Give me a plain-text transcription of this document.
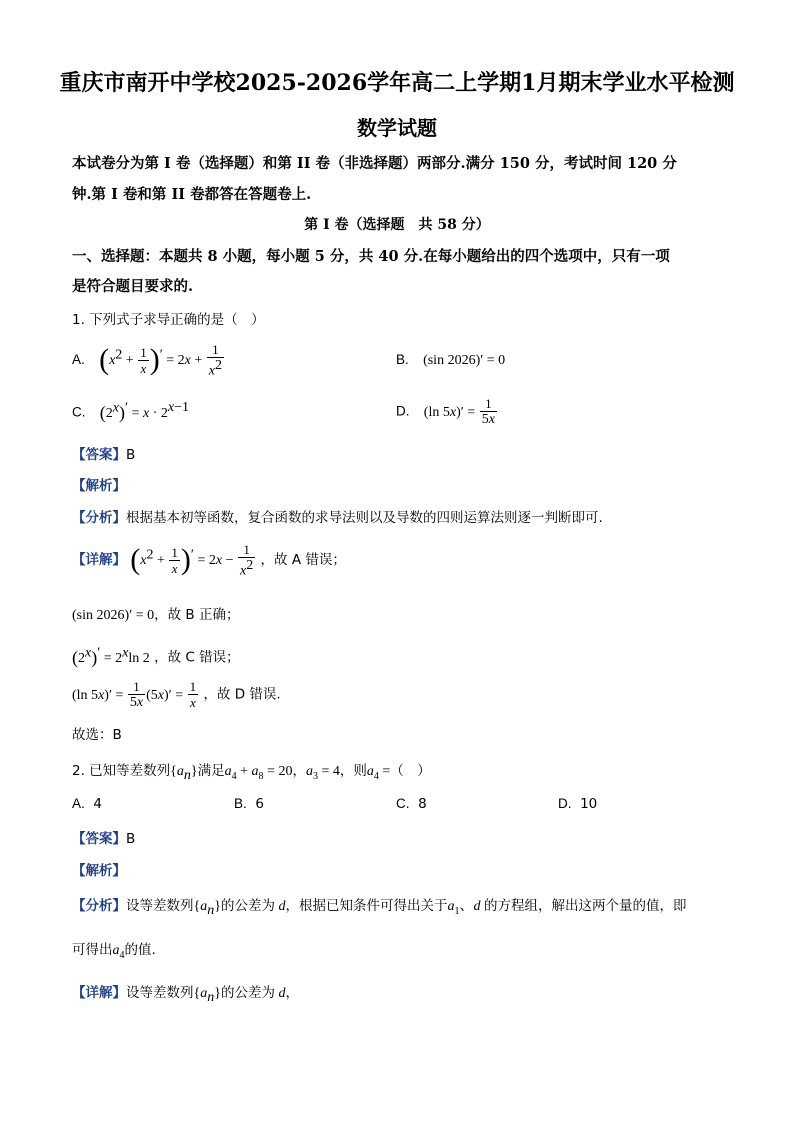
重庆市南开中学校2025-2026学年高二上学期1月期末学业水平检测
数学试题
本试卷分为第 I 卷（选择题）和第 II 卷（非选择题）两部分.满分 150 分，考试时间 120 分
钟.第 I 卷和第 II 卷都答在答题卷上.
第 I 卷（选择题　共 58 分）
一、选择题：本题共 8 小题，每小题 5 分，共 40 分.在每小题给出的四个选项中，只有一项
是符合题目要求的.
1. 下列式子求导正确的是（　）
A. $(x^2 + \frac{1}{x} )' = 2x + \frac{1}{x^2}$	B. (sin 2026)′ = 0
C. $(2^x)' = x \cdot 2^{x-1}$	D. (ln $5x)' = \frac{1}{5x}$
【答案】B
【解析】
【分析】根据基本初等函数，复合函数的求导法则以及导数的四则运算法则逐一判断即可.
【详解】 $(x^2 + \frac{1}{x} )' = 2x - \frac{1}{x^2}$ ，故 A 错误；
(sin 2026)′ = 0，故 B 正确；
$(2^x)' = 2^x\ln$ 2 ，故 C 错误；
(ln $5x)' = \frac{1}{5x} (5x)' = \frac{1}{x}$ ，故 D 错误.
故选：B
2. 已知等差数列$\{a_n\}$满足$a_4 + a_8 = 20$，$a_3 = 4$，则$a_4$ =（　）
A. 4	B. 6	C. 8	D. 10
【答案】B
【解析】
【分析】设等差数列$\{a_n\}$的公差为 d，根据已知条件可得出关于$a_1$、d 的方程组，解出这两个量的值，即
可得出$a_4$的值.
【详解】设等差数列$\{a_n\}$的公差为 d，
